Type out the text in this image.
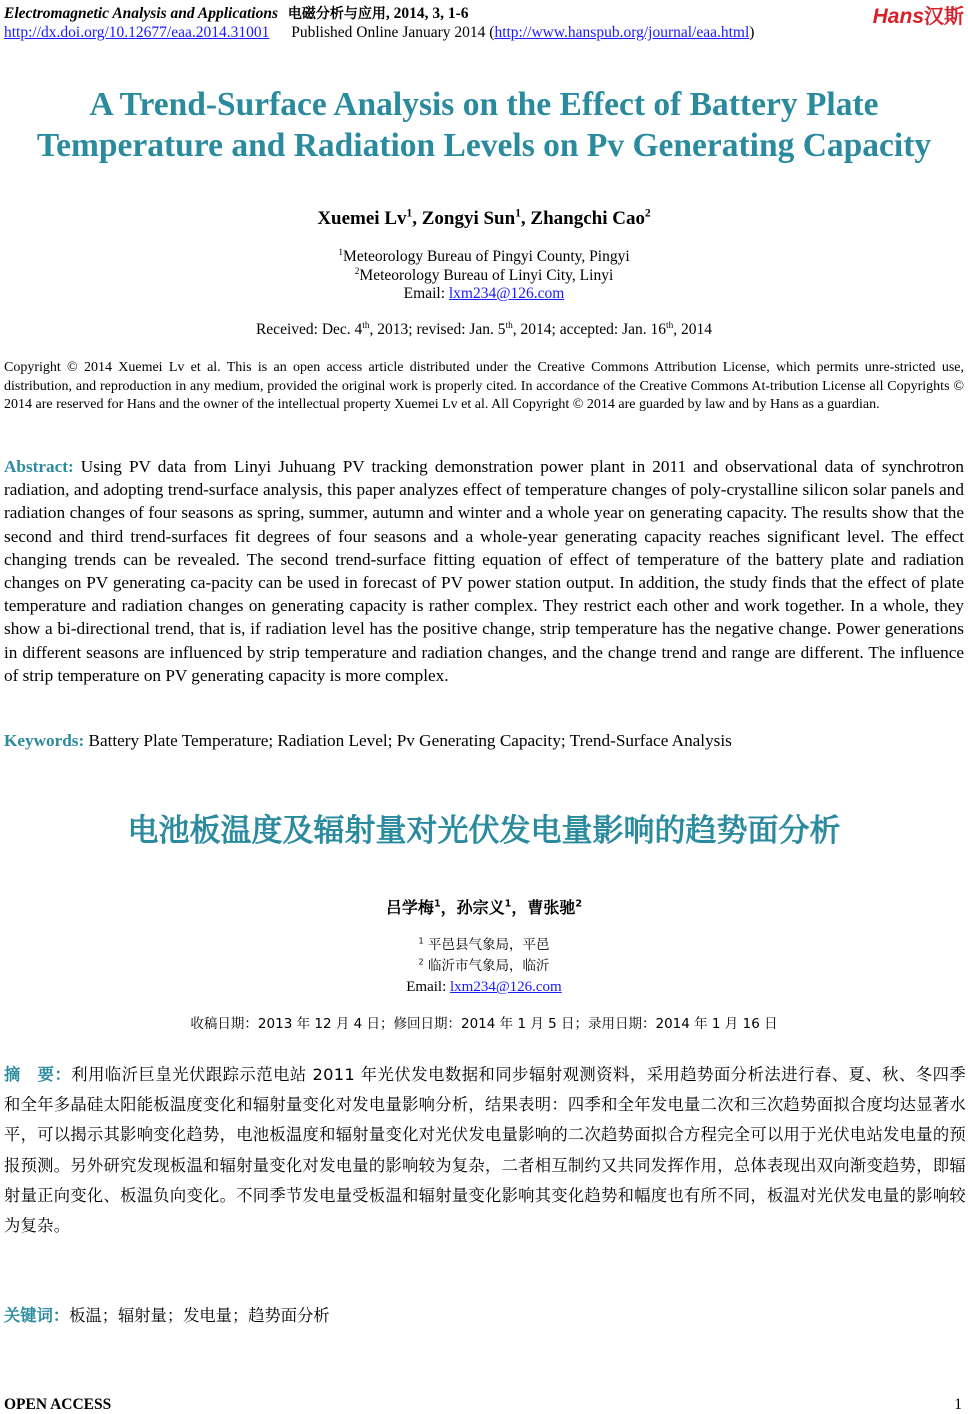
Electromagnetic Analysis and Applications 电磁分析与应用, 2014, 3, 1-6
http://dx.doi.org/10.12677/eaa.2014.31001 Published Online January 2014 (http://www.hanspub.org/journal/eaa.html)
Hans汉斯
A Trend-Surface Analysis on the Effect of Battery Plate
Temperature and Radiation Levels on Pv Generating Capacity
Xuemei Lv$^1$, Zongyi Sun$^1$, Zhangchi Cao$^2$
$^1$Meteorology Bureau of Pingyi County, Pingyi
$^2$Meteorology Bureau of Linyi City, Linyi
Email: lxm234@126.com
Received: Dec. 4th, 2013; revised: Jan. 5th, 2014; accepted: Jan. 16th, 2014
Copyright © 2014 Xuemei Lv et al. This is an open access article distributed under the Creative Commons Attribution License, which permits unre-stricted use, distribution, and reproduction in any medium, provided the original work is properly cited. In accordance of the Creative Commons At-tribution License all Copyrights © 2014 are reserved for Hans and the owner of the intellectual property Xuemei Lv et al. All Copyright © 2014 are guarded by law and by Hans as a guardian.
Abstract: Using PV data from Linyi Juhuang PV tracking demonstration power plant in 2011 and observational data of synchrotron radiation, and adopting trend-surface analysis, this paper analyzes effect of temperature changes of poly-crystalline silicon solar panels and radiation changes of four seasons as spring, summer, autumn and winter and a whole year on generating capacity. The results show that the second and third trend-surfaces fit degrees of four seasons and a whole-year generating capacity reaches significant level. The effect changing trends can be revealed. The second trend-surface fitting equation of effect of temperature of the battery plate and radiation changes on PV generating ca-pacity can be used in forecast of PV power station output. In addition, the study finds that the effect of plate temperature and radiation changes on generating capacity is rather complex. They restrict each other and work together. In a whole, they show a bi-directional trend, that is, if radiation level has the positive change, strip temperature has the negative change. Power generations in different seasons are influenced by strip temperature and radiation changes, and the change trend and range are different. The influence of strip temperature on PV generating capacity is more complex.
Keywords: Battery Plate Temperature; Radiation Level; Pv Generating Capacity; Trend-Surface Analysis
电池板温度及辐射量对光伏发电量影响的趋势面分析
吕学梅$^1$，孙宗义$^1$，曹张驰$^2$
$^1$ 平邑县气象局，平邑
$^2$ 临沂市气象局，临沂
Email: lxm234@126.com
收稿日期：2013 年 12 月 4 日；修回日期：2014 年 1 月 5 日；录用日期：2014 年 1 月 16 日
摘　要：利用临沂巨皇光伏跟踪示范电站 2011 年光伏发电数据和同步辐射观测资料，采用趋势面分析法进行春、夏、秋、冬四季和全年多晶硅太阳能板温度变化和辐射量变化对发电量影响分析，结果表明：四季和全年发电量二次和三次趋势面拟合度均达显著水平，可以揭示其影响变化趋势，电池板温度和辐射量变化对光伏发电量影响的二次趋势面拟合方程完全可以用于光伏电站发电量的预报预测。另外研究发现板温和辐射量变化对发电量的影响较为复杂，二者相互制约又共同发挥作用，总体表现出双向渐变趋势，即辐射量正向变化、板温负向变化。不同季节发电量受板温和辐射量变化影响其变化趋势和幅度也有所不同，板温对光伏发电量的影响较为复杂。
关键词：板温；辐射量；发电量；趋势面分析
OPEN ACCESS	1
